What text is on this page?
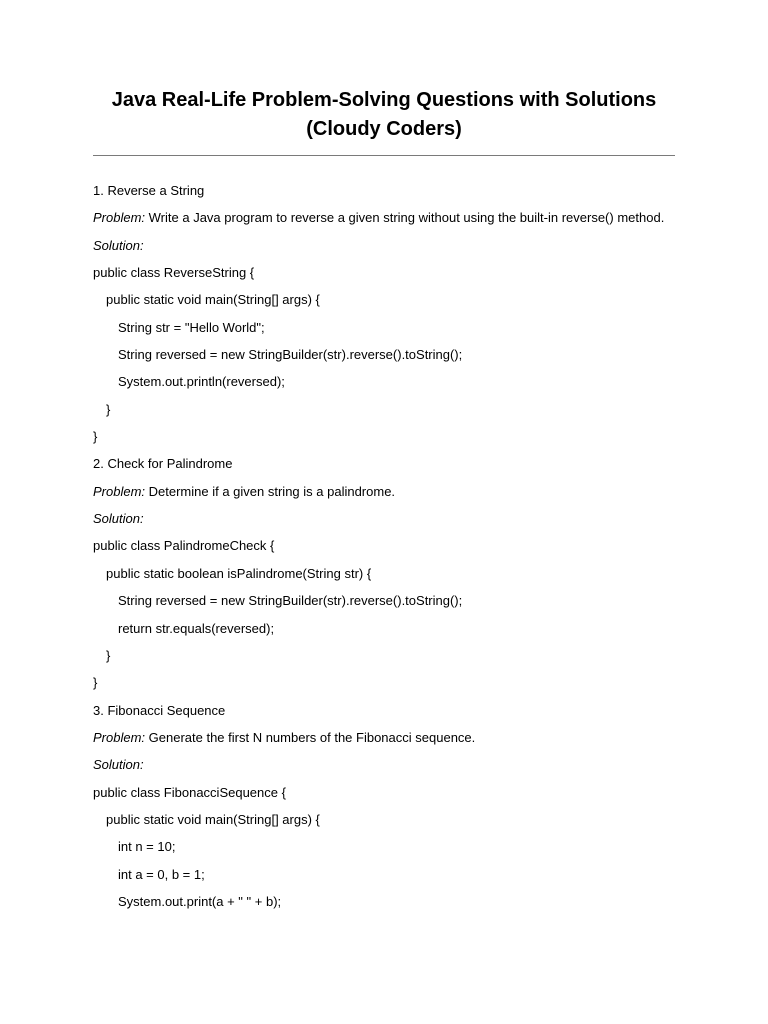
Java Real-Life Problem-Solving Questions with Solutions
(Cloudy Coders)
1. Reverse a String
Problem: Write a Java program to reverse a given string without using the built-in reverse() method.
Solution:
public class ReverseString {
public static void main(String[] args) {
String str = "Hello World";
String reversed = new StringBuilder(str).reverse().toString();
System.out.println(reversed);
}
}
2. Check for Palindrome
Problem: Determine if a given string is a palindrome.
Solution:
public class PalindromeCheck {
public static boolean isPalindrome(String str) {
String reversed = new StringBuilder(str).reverse().toString();
return str.equals(reversed);
}
}
3. Fibonacci Sequence
Problem: Generate the first N numbers of the Fibonacci sequence.
Solution:
public class FibonacciSequence {
public static void main(String[] args) {
int n = 10;
int a = 0, b = 1;
System.out.print(a + " " + b);
